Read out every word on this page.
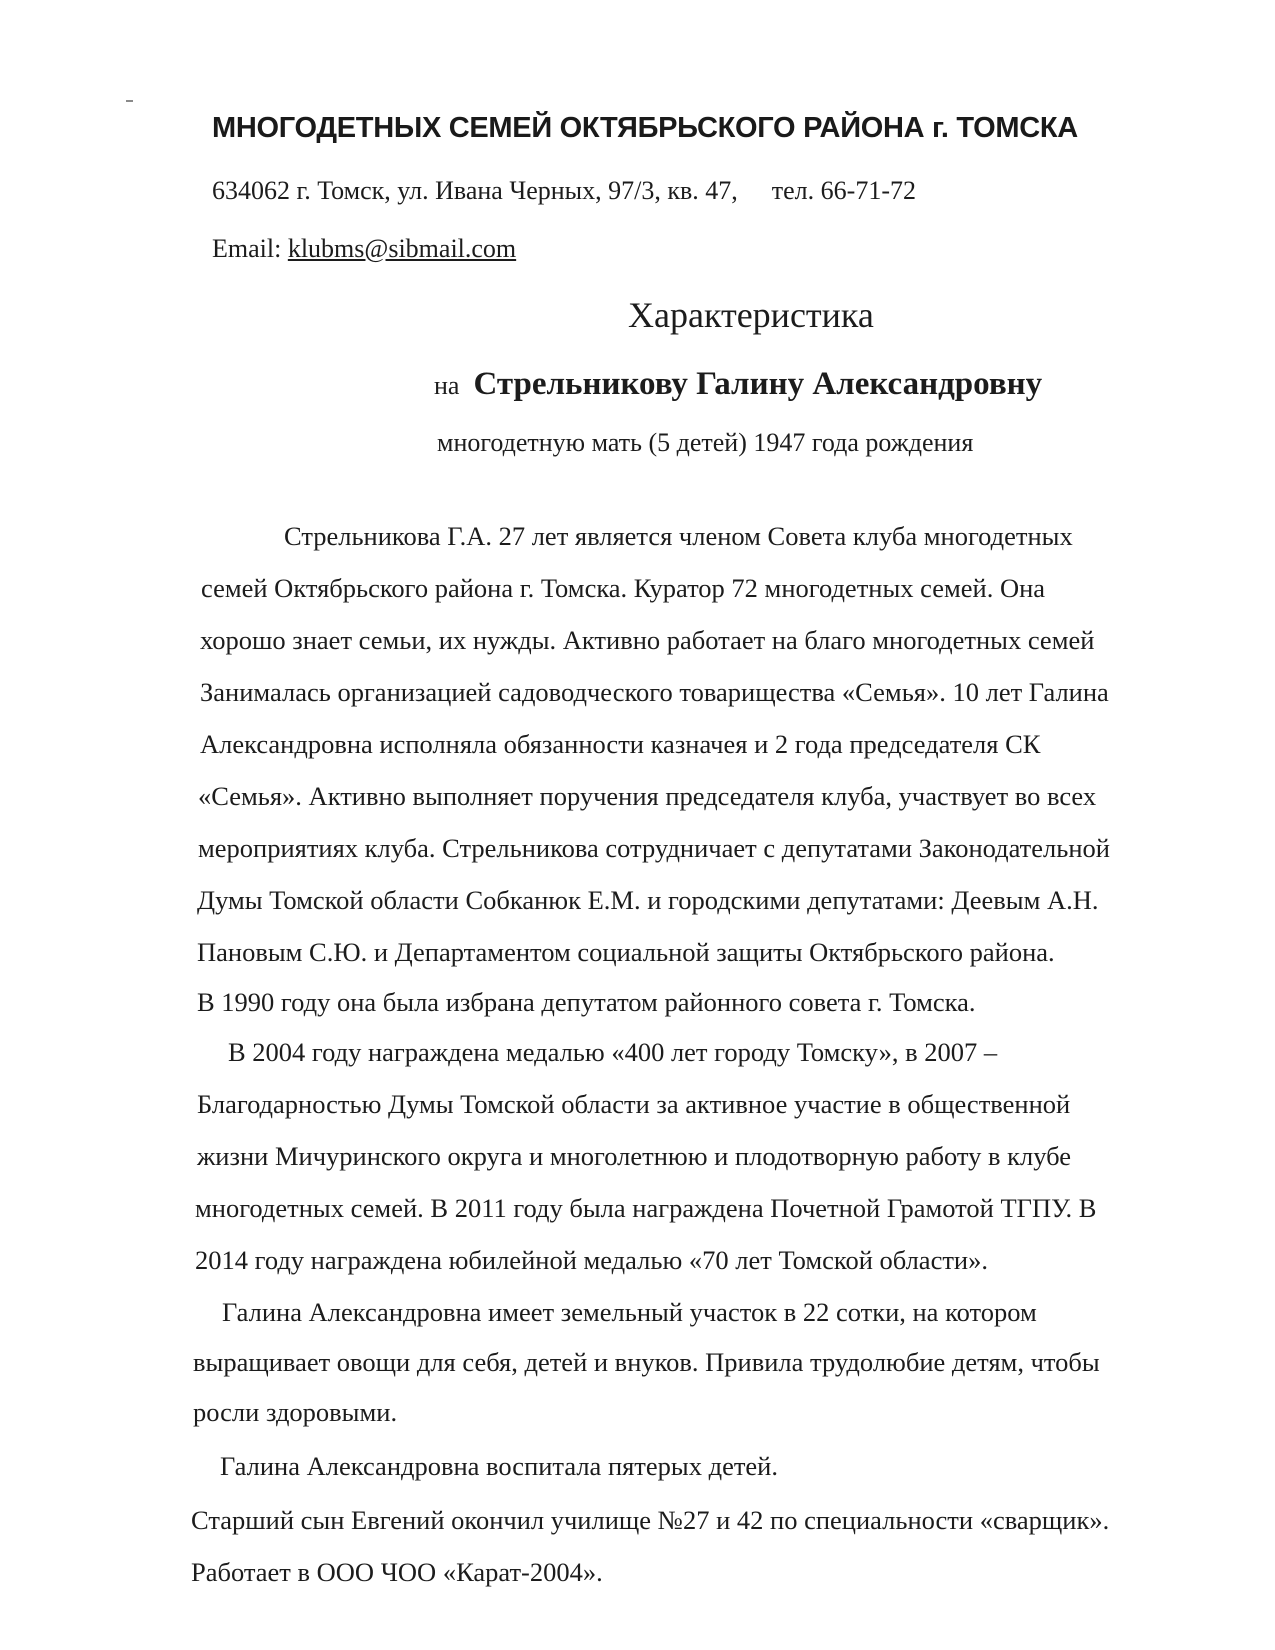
МНОГОДЕТНЫХ СЕМЕЙ ОКТЯБРЬСКОГО РАЙОНА г. ТОМСКА
634062 г. Томск, ул. Ивана Черных, 97/3, кв. 47, тел. 66-71-72
Email: klubms@sibmail.com
Характеристика
на Стрельникову Галину Александровну
многодетную мать (5 детей) 1947 года рождения
Стрельникова Г.А. 27 лет является членом Совета клуба многодетных
семей Октябрьского района г. Томска. Куратор 72 многодетных семей. Она
хорошо знает семьи, их нужды. Активно работает на благо многодетных семей
Занималась организацией садоводческого товарищества «Семья». 10 лет Галина
Александровна исполняла обязанности казначея и 2 года председателя СК
«Семья». Активно выполняет поручения председателя клуба, участвует во всех
мероприятиях клуба. Стрельникова сотрудничает с депутатами Законодательной
Думы Томской области Собканюк Е.М. и городскими депутатами: Деевым А.Н.
Пановым С.Ю. и Департаментом социальной защиты Октябрьского района.
В 1990 году она была избрана депутатом районного совета г. Томска.
В 2004 году награждена медалью «400 лет городу Томску», в 2007 –
Благодарностью Думы Томской области за активное участие в общественной
жизни Мичуринского округа и многолетнюю и плодотворную работу в клубе
многодетных семей. В 2011 году была награждена Почетной Грамотой ТГПУ. В
2014 году награждена юбилейной медалью «70 лет Томской области».
Галина Александровна имеет земельный участок в 22 сотки, на котором
выращивает овощи для себя, детей и внуков. Привила трудолюбие детям, чтобы
росли здоровыми.
Галина Александровна воспитала пятерых детей.
Старший сын Евгений окончил училище №27 и 42 по специальности «сварщик».
Работает в ООО ЧОО «Карат-2004».
